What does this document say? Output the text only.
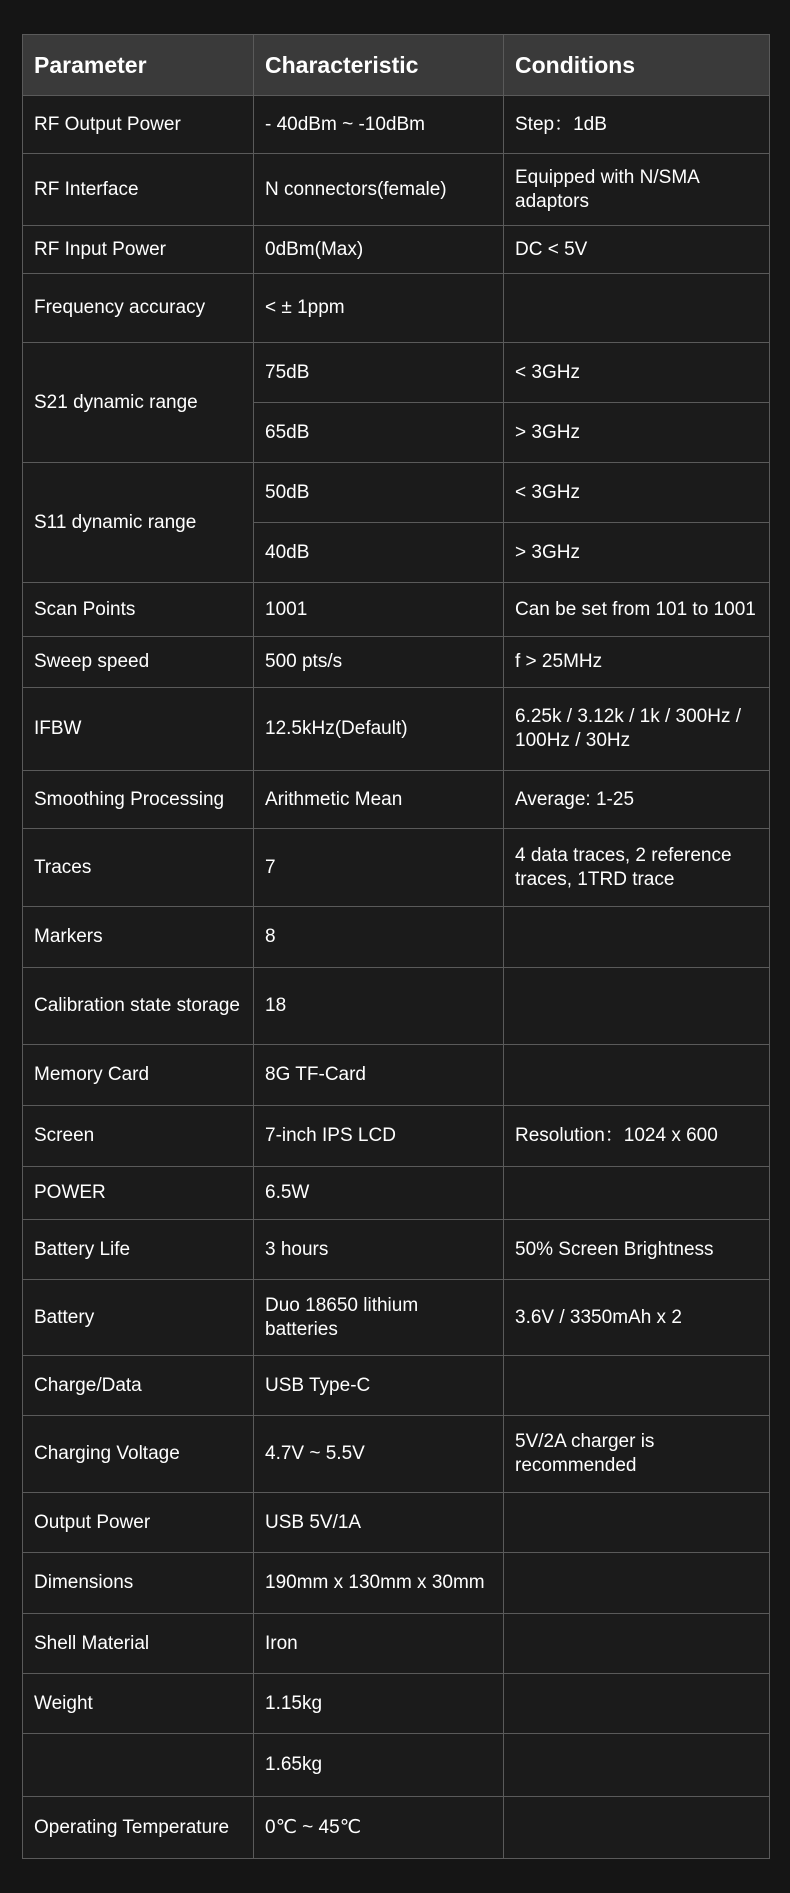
Parameter	Characteristic	Conditions
RF Output Power	- 40dBm ~ -10dBm	Step：1dB
RF Interface	N connectors(female)	Equipped with N/SMA adaptors
RF Input Power	0dBm(Max)	DC < 5V
Frequency accuracy	< ± 1ppm	
S21 dynamic range	75dB	< 3GHz
	65dB	> 3GHz
S11 dynamic range	50dB	< 3GHz
	40dB	> 3GHz
Scan Points	1001	Can be set from 101 to 1001
Sweep speed	500 pts/s	f > 25MHz
IFBW	12.5kHz(Default)	6.25k / 3.12k / 1k / 300Hz / 100Hz / 30Hz
Smoothing Processing	Arithmetic Mean	Average: 1-25
Traces	7	4 data traces, 2 reference traces, 1TRD trace
Markers	8	
Calibration state storage	18	
Memory Card	8G TF-Card	
Screen	7-inch IPS LCD	Resolution：1024 x 600
POWER	6.5W	
Battery Life	3 hours	50% Screen Brightness
Battery	Duo 18650 lithium batteries	3.6V / 3350mAh x 2
Charge/Data	USB Type-C	
Charging Voltage	4.7V ~ 5.5V	5V/2A charger is recommended
Output Power	USB 5V/1A	
Dimensions	190mm x 130mm x 30mm	
Shell Material	Iron	
Weight	1.15kg	
	1.65kg	
Operating Temperature	0℃ ~ 45℃	
